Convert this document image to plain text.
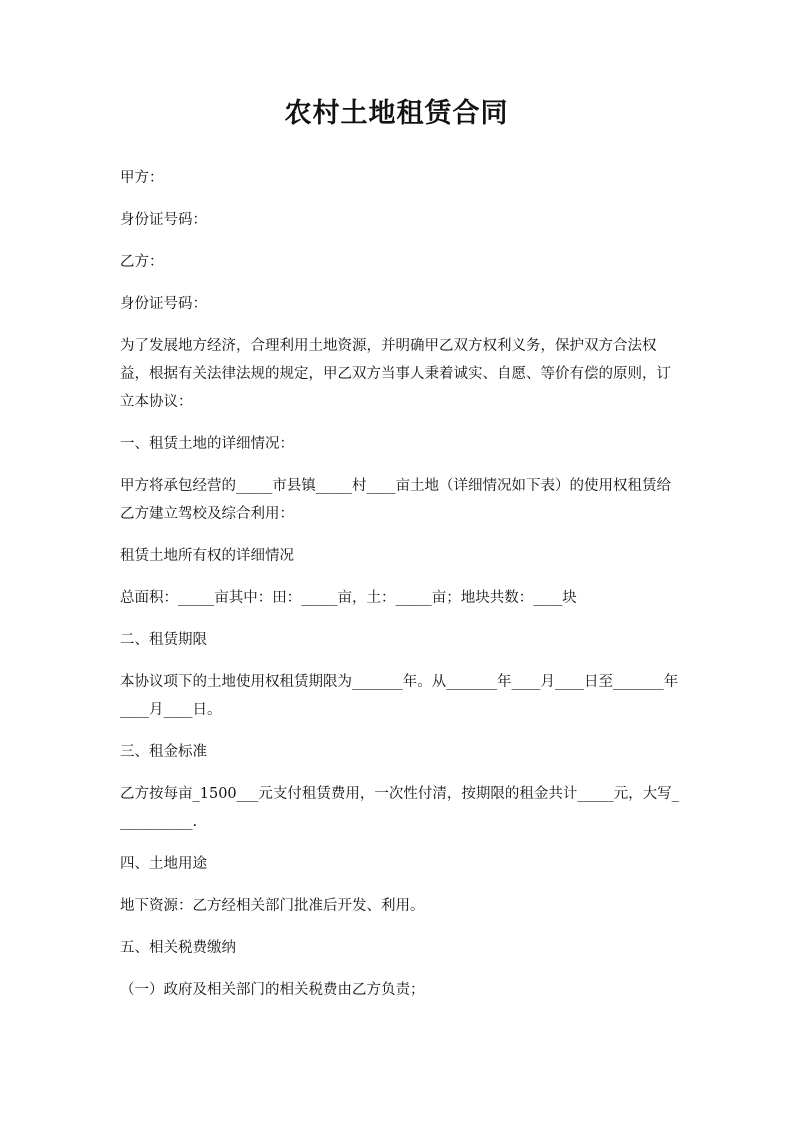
农村土地租赁合同

甲方：

身份证号码：

乙方：

身份证号码：

为了发展地方经济，合理利用土地资源，并明确甲乙双方权利义务，保护双方合法权益，根据有关法律法规的规定，甲乙双方当事人秉着诚实、自愿、等价有偿的原则，订立本协议：

一、租赁土地的详细情况：

甲方将承包经营的_____市县镇_____村____亩土地（详细情况如下表）的使用权租赁给乙方建立驾校及综合利用：

租赁土地所有权的详细情况

总面积：_____亩其中：田：_____亩，土：_____亩；地块共数：____块

二、租赁期限

本协议项下的土地使用权租赁期限为_______年。从_______年____月____日至_______年____月____日。

三、租金标准

乙方按每亩_1500___元支付租赁费用，一次性付清，按期限的租金共计_____元，大写___________.

四、土地用途

地下资源：乙方经相关部门批准后开发、利用。

五、相关税费缴纳

（一）政府及相关部门的相关税费由乙方负责；
